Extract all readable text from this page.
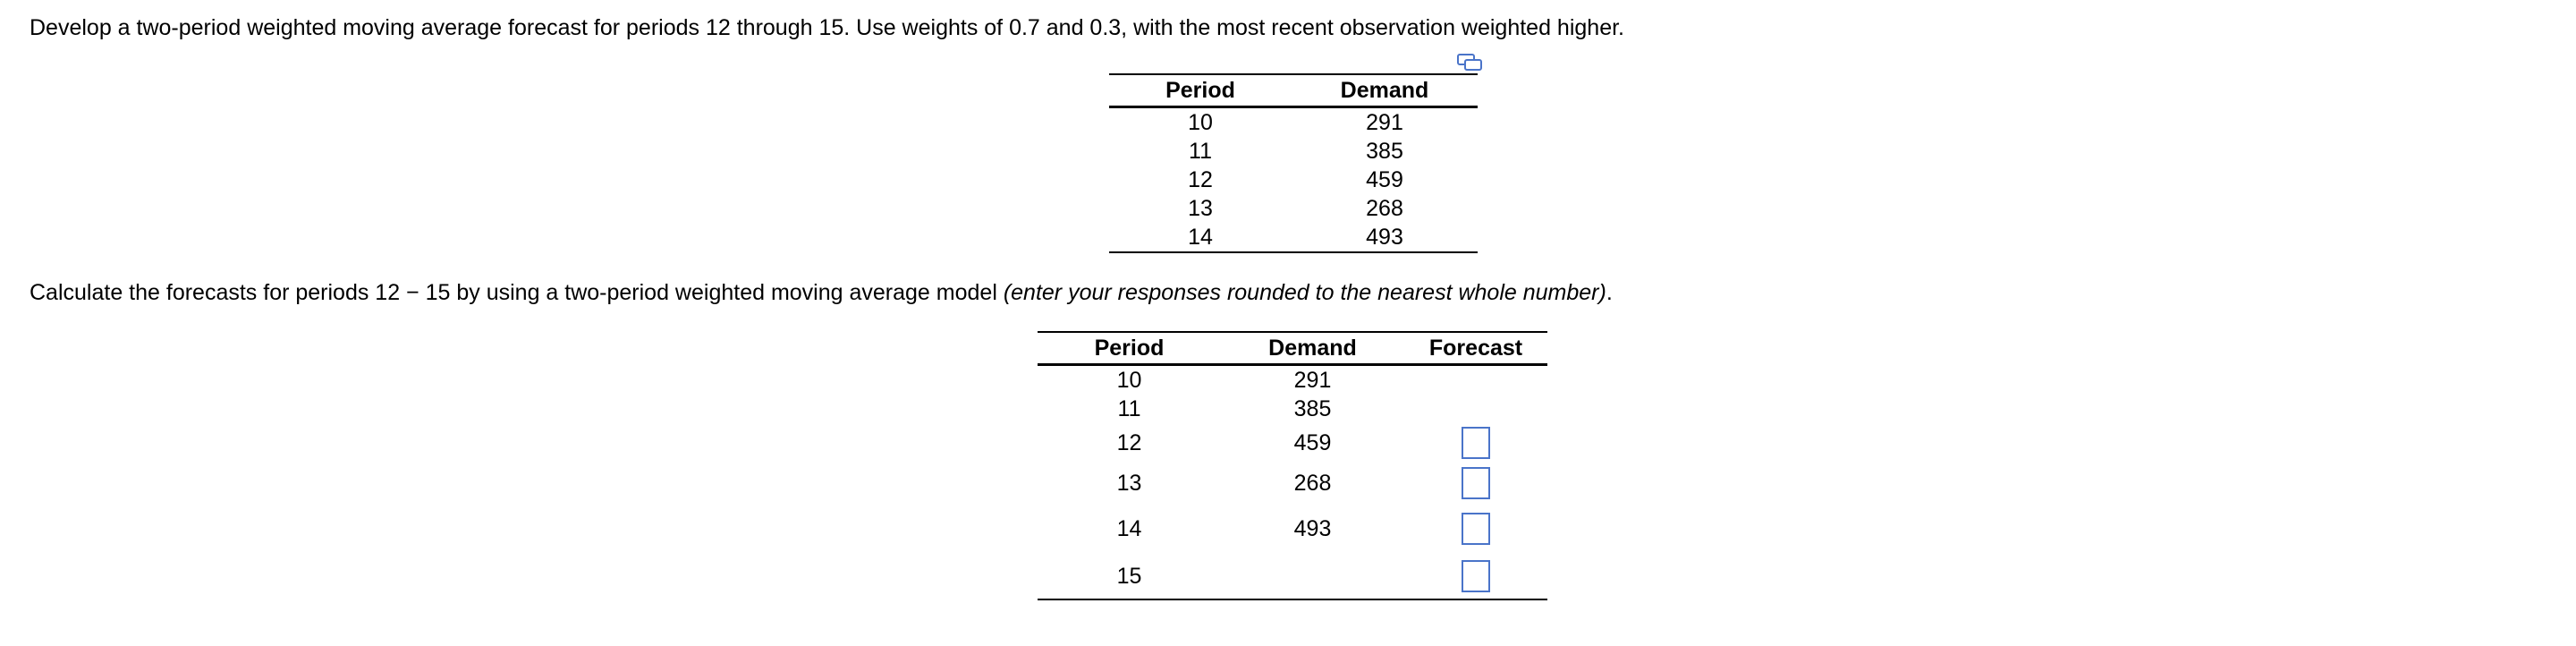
Develop a two-period weighted moving average forecast for periods 12 through 15. Use weights of 0.7 and 0.3, with the most recent observation weighted higher.
Period	Demand
10	291
11	385
12	459
13	268
14	493
Calculate the forecasts for periods 12 − 15 by using a two-period weighted moving average model (enter your responses rounded to the nearest whole number).
Period	Demand	Forecast
10	291	
11	385	
12	459	
13	268	
14	493	
15		
